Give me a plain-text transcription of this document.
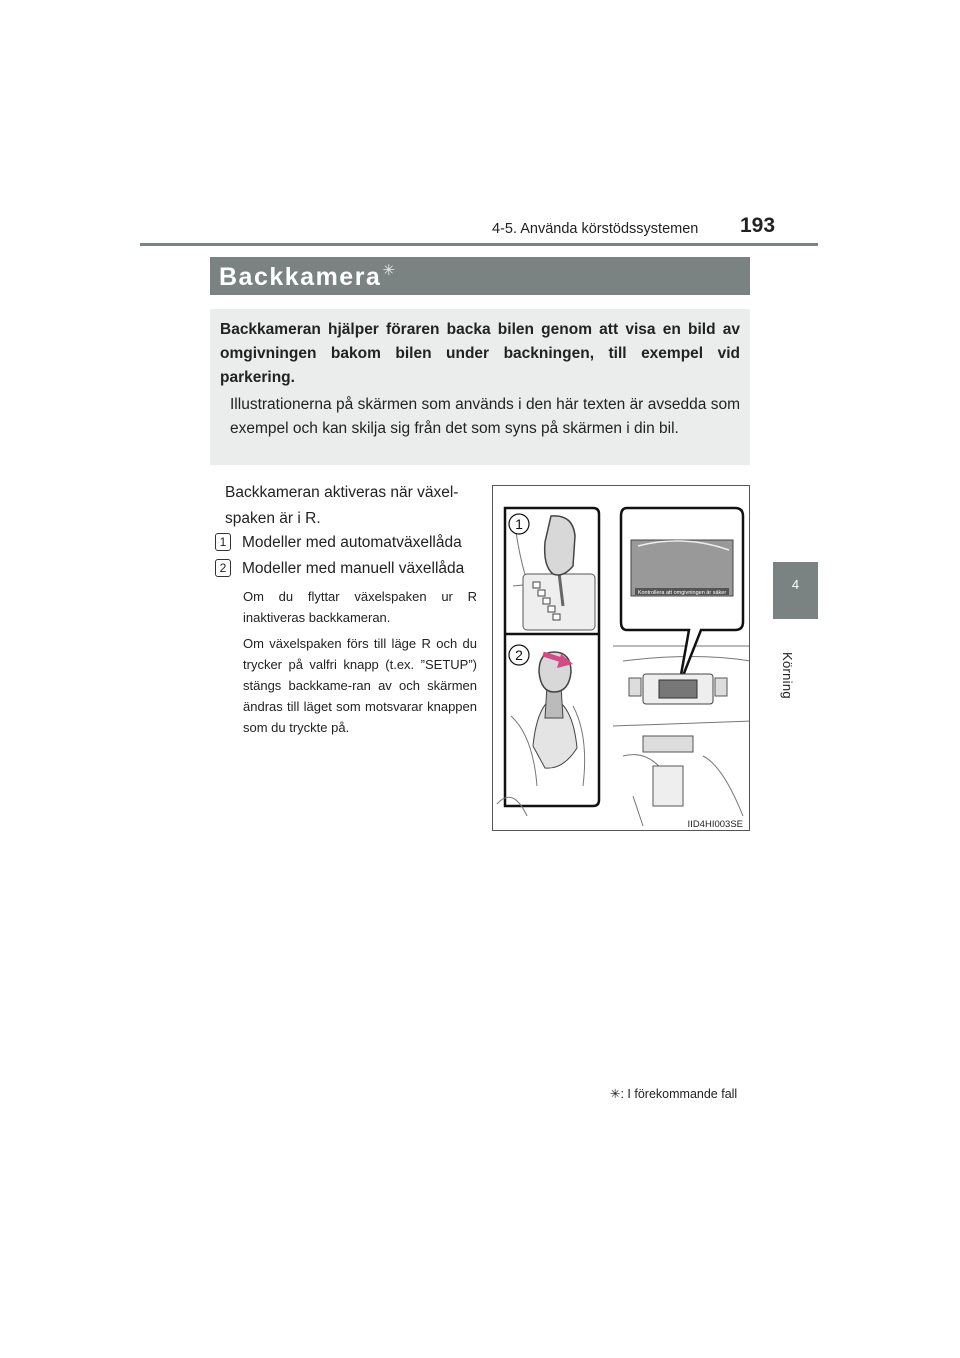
4-5. Använda körstödssystemen 193
4
Körning
Backkamera✳
Backkameran hjälper föraren backa bilen genom att visa en bild av omgivningen bakom bilen under backningen, till exempel vid parkering.
Illustrationerna på skärmen som används i den här texten är avsedda som exempel och kan skilja sig från det som syns på skärmen i din bil.
Backkameran aktiveras när växel-spaken är i R.
1 Modeller med automatväxellåda
2 Modeller med manuell växellåda
Om du flyttar växelspaken ur R inaktiveras backkameran.
Om växelspaken förs till läge R och du trycker på valfri knapp (t.ex. ”SETUP”) stängs backkame-ran av och skärmen ändras till läget som motsvarar knappen som du tryckte på.
1
2
Kontrollera att omgivningen är säker
IID4HI003SE
✳: I förekommande fall
